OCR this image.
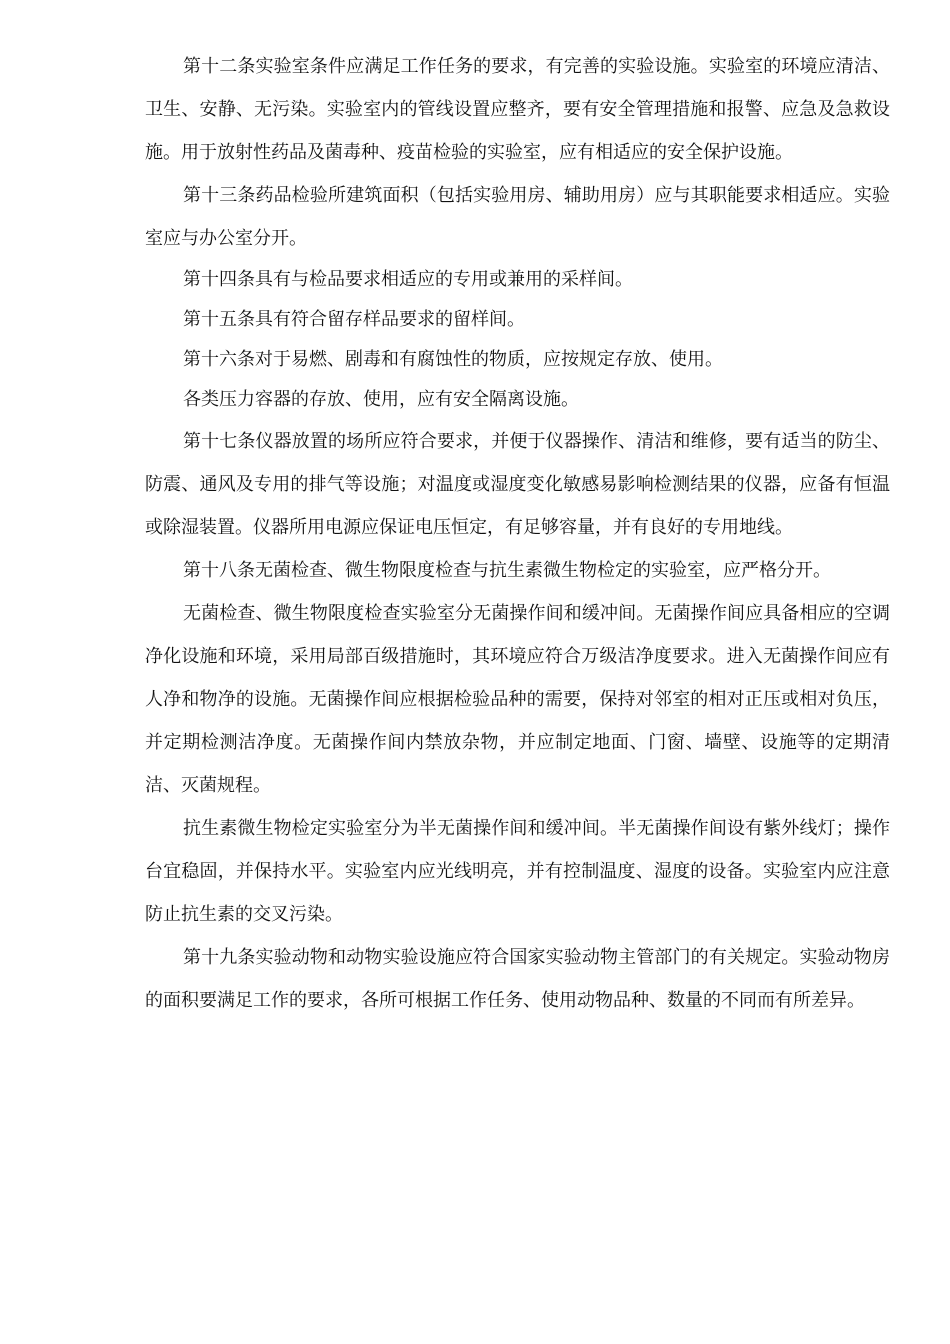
第十二条实验室条件应满足工作任务的要求，有完善的实验设施。实验室的环境应清洁、卫生、安静、无污染。实验室内的管线设置应整齐，要有安全管理措施和报警、应急及急救设施。用于放射性药品及菌毒种、疫苗检验的实验室，应有相适应的安全保护设施。

第十三条药品检验所建筑面积（包括实验用房、辅助用房）应与其职能要求相适应。实验室应与办公室分开。

第十四条具有与检品要求相适应的专用或兼用的采样间。

第十五条具有符合留存样品要求的留样间。

第十六条对于易燃、剧毒和有腐蚀性的物质，应按规定存放、使用。

各类压力容器的存放、使用，应有安全隔离设施。

第十七条仪器放置的场所应符合要求，并便于仪器操作、清洁和维修，要有适当的防尘、防震、通风及专用的排气等设施；对温度或湿度变化敏感易影响检测结果的仪器，应备有恒温或除湿装置。仪器所用电源应保证电压恒定，有足够容量，并有良好的专用地线。

第十八条无菌检查、微生物限度检查与抗生素微生物检定的实验室，应严格分开。

无菌检查、微生物限度检查实验室分无菌操作间和缓冲间。无菌操作间应具备相应的空调净化设施和环境，采用局部百级措施时，其环境应符合万级洁净度要求。进入无菌操作间应有人净和物净的设施。无菌操作间应根据检验品种的需要，保持对邻室的相对正压或相对负压，并定期检测洁净度。无菌操作间内禁放杂物，并应制定地面、门窗、墙壁、设施等的定期清洁、灭菌规程。

抗生素微生物检定实验室分为半无菌操作间和缓冲间。半无菌操作间设有紫外线灯；操作台宜稳固，并保持水平。实验室内应光线明亮，并有控制温度、湿度的设备。实验室内应注意防止抗生素的交叉污染。

第十九条实验动物和动物实验设施应符合国家实验动物主管部门的有关规定。实验动物房的面积要满足工作的要求，各所可根据工作任务、使用动物品种、数量的不同而有所差异。
